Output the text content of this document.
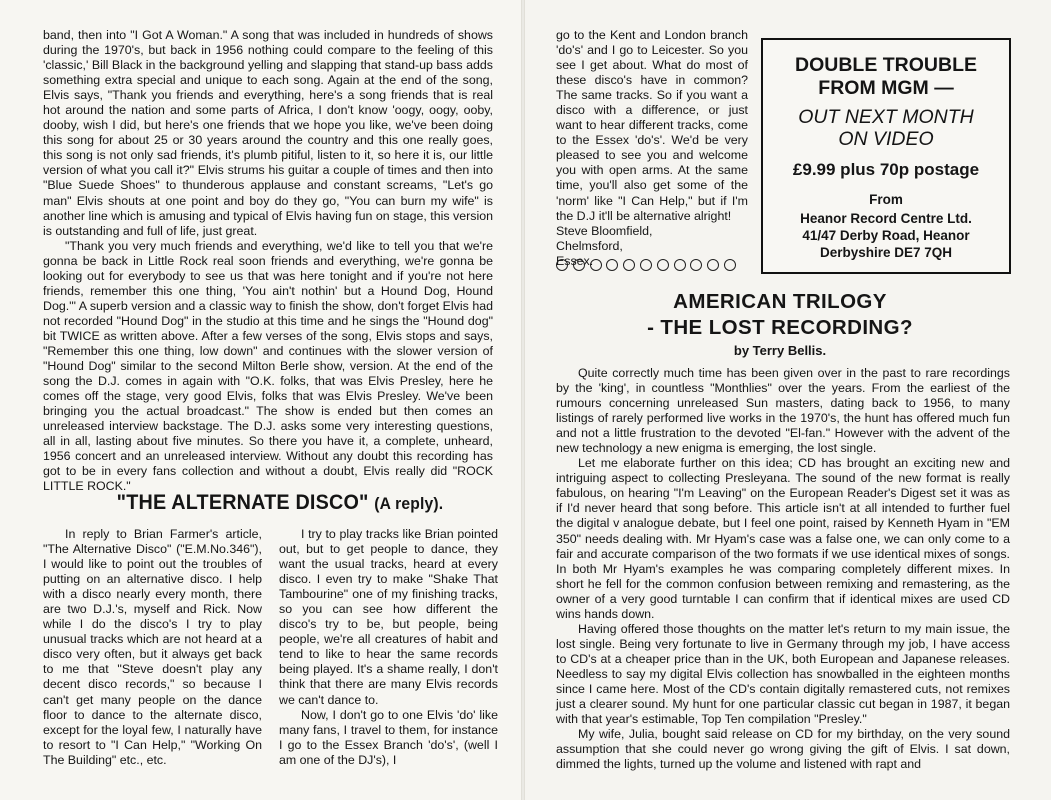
band, then into "I Got A Woman." A song that was included in hundreds of shows during the 1970's, but back in 1956 nothing could compare to the feeling of this 'classic,' Bill Black in the background yelling and slapping that stand-up bass adds something extra special and unique to each song. Again at the end of the song, Elvis says, "Thank you friends and everything, here's a song friends that is real hot around the nation and some parts of Africa, I don't know 'oogy, oogy, ooby, dooby, wish I did, but here's one friends that we hope you like, we've been doing this song for about 25 or 30 years around the country and this one really goes, this song is not only sad friends, it's plumb pitiful, listen to it, so here it is, our little version of what you call it?" Elvis strums his guitar a couple of times and then into "Blue Suede Shoes" to thunderous applause and constant screams, "Let's go man" Elvis shouts at one point and boy do they go, "You can burn my wife" is another line which is amusing and typical of Elvis having fun on stage, this version is outstanding and full of life, just great.

"Thank you very much friends and everything, we'd like to tell you that we're gonna be back in Little Rock real soon friends and everything, we're gonna be looking out for everybody to see us that was here tonight and if you're not here friends, remember this one thing, 'You ain't nothin' but a Hound Dog, Hound Dog.'" A superb version and a classic way to finish the show, don't forget Elvis had not recorded "Hound Dog" in the studio at this time and he sings the "Hound dog" bit TWICE as written above. After a few verses of the song, Elvis stops and says, "Remember this one thing, low down" and continues with the slower version of "Hound Dog" similar to the second Milton Berle show, version. At the end of the song the D.J. comes in again with "O.K. folks, that was Elvis Presley, here he comes off the stage, very good Elvis, folks that was Elvis Presley. We've been bringing you the actual broadcast." The show is ended but then comes an unreleased interview backstage. The D.J. asks some very interesting questions, all in all, lasting about five minutes. So there you have it, a complete, unheard, 1956 concert and an unreleased interview. Without any doubt this recording has got to be in every fans collection and without a doubt, Elvis really did "ROCK LITTLE ROCK."

"THE ALTERNATE DISCO" (A reply).

In reply to Brian Farmer's article, "The Alternative Disco" ("E.M.No.346"), I would like to point out the troubles of putting on an alternative disco. I help with a disco nearly every month, there are two D.J.'s, myself and Rick. Now while I do the disco's I try to play unusual tracks which are not heard at a disco very often, but it always get back to me that "Steve doesn't play any decent disco records," so because I can't get many people on the dance floor to dance to the alternate disco, except for the loyal few, I naturally have to resort to "I Can Help," "Working On The Building" etc., etc.

I try to play tracks like Brian pointed out, but to get people to dance, they want the usual tracks, heard at every disco. I even try to make "Shake That Tambourine" one of my finishing tracks, so you can see how different the disco's try to be, but people, being people, we're all creatures of habit and tend to like to hear the same records being played. It's a shame really, I don't think that there are many Elvis records we can't dance to.

Now, I don't go to one Elvis 'do' like many fans, I travel to them, for instance I go to the Essex Branch 'do's', (well I am one of the DJ's), I

go to the Kent and London branch 'do's' and I go to Leicester. So you see I get about. What do most of these disco's have in common? The same tracks. So if you want a disco with a difference, or just want to hear different tracks, come to the Essex 'do's'. We'd be very pleased to see you and welcome you with open arms. At the same time, you'll also get some of the 'norm' like "I Can Help," but if I'm the D.J it'll be alternative alright!

Steve Bloomfield,

Chelmsford,

Essex.

DOUBLE TROUBLE
FROM MGM —
OUT NEXT MONTH
ON VIDEO
£9.99 plus 70p postage
From
Heanor Record Centre Ltd.
41/47 Derby Road, Heanor
Derbyshire DE7 7QH
AMERICAN TRILOGY
- THE LOST RECORDING?
by Terry Bellis.

Quite correctly much time has been given over in the past to rare recordings by the 'king', in countless "Monthlies" over the years. From the earliest of the rumours concerning unreleased Sun masters, dating back to 1956, to many listings of rarely performed live works in the 1970's, the hunt has offered much fun and not a little frustration to the devoted "El-fan." However with the advent of the new technology a new enigma is emerging, the lost single.

Let me elaborate further on this idea; CD has brought an exciting new and intriguing aspect to collecting Presleyana. The sound of the new format is really fabulous, on hearing "I'm Leaving" on the European Reader's Digest set it was as if I'd never heard that song before. This article isn't at all intended to further fuel the digital v analogue debate, but I feel one point, raised by Kenneth Hyam in "EM 350" needs dealing with. Mr Hyam's case was a false one, we can only come to a fair and accurate comparison of the two formats if we use identical mixes of songs. In both Mr Hyam's examples he was comparing completely different mixes. In short he fell for the common confusion between remixing and remastering, as the owner of a very good turntable I can confirm that if identical mixes are used CD wins hands down.

Having offered those thoughts on the matter let's return to my main issue, the lost single. Being very fortunate to live in Germany through my job, I have access to CD's at a cheaper price than in the UK, both European and Japanese releases. Needless to say my digital Elvis collection has snowballed in the eighteen months since I came here. Most of the CD's contain digitally remastered cuts, not remixes just a clearer sound. My hunt for one particular classic cut began in 1987, it began with that year's estimable, Top Ten compilation "Presley."

My wife, Julia, bought said release on CD for my birthday, on the very sound assumption that she could never go wrong giving the gift of Elvis. I sat down, dimmed the lights, turned up the volume and listened with rapt and
